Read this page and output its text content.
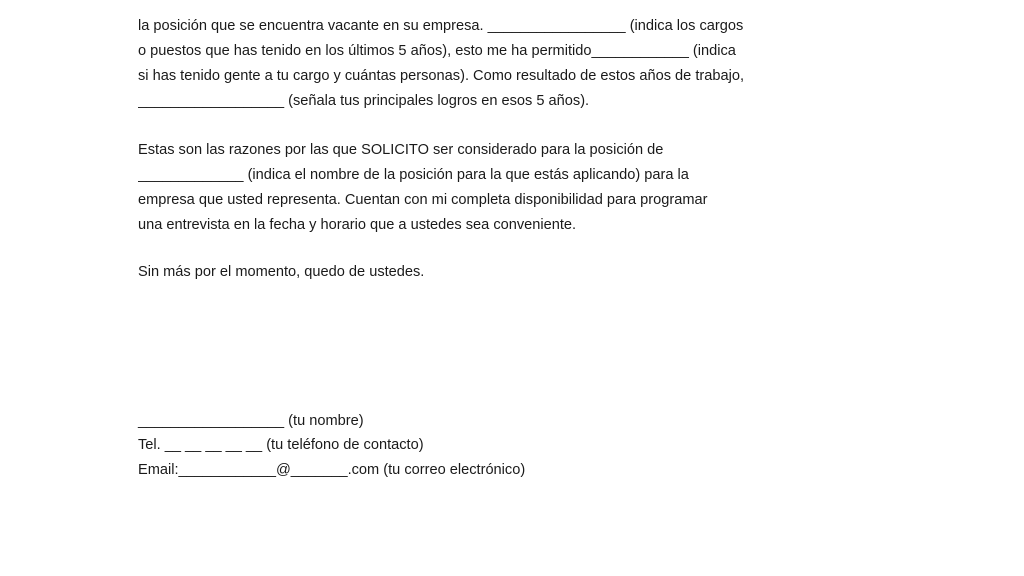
la posición que se encuentra vacante en su empresa. _________________ (indica los cargos
o puestos que has tenido en los últimos 5 años), esto me ha permitido____________ (indica
si has tenido gente a tu cargo y cuántas personas). Como resultado de estos años de trabajo,
__________________ (señala tus principales logros en esos 5 años).
Estas son las razones por las que SOLICITO ser considerado para la posición de
_____________ (indica el nombre de la posición para la que estás aplicando) para la
empresa que usted representa. Cuentan con mi completa disponibilidad para programar
una entrevista en la fecha y horario que a ustedes sea conveniente.

Sin más por el momento, quedo de ustedes.

__________________ (tu nombre)

Tel. __ __ __ __ __ (tu teléfono de contacto)

Email:____________@_______.com (tu correo electrónico)
